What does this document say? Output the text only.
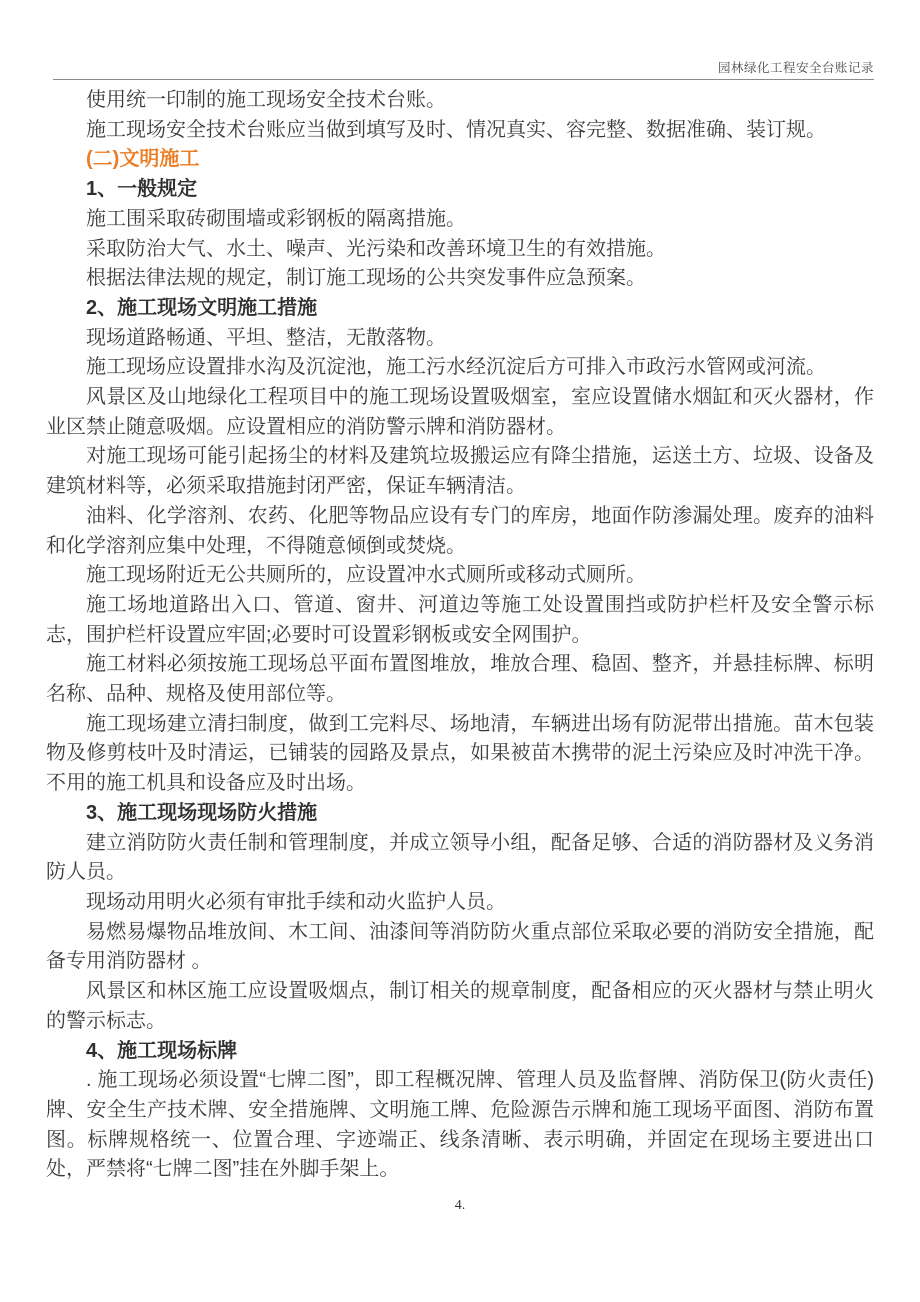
园林绿化工程安全台账记录

使用统一印制的施工现场安全技术台账。

施工现场安全技术台账应当做到填写及时、情况真实、容完整、数据准确、装订规。

(二)文明施工

1、一般规定

施工围采取砖砌围墙或彩钢板的隔离措施。

采取防治大气、水土、噪声、光污染和改善环境卫生的有效措施。

根据法律法规的规定，制订施工现场的公共突发事件应急预案。

2、施工现场文明施工措施

现场道路畅通、平坦、整洁，无散落物。

施工现场应设置排水沟及沉淀池，施工污水经沉淀后方可排入市政污水管网或河流。

风景区及山地绿化工程项目中的施工现场设置吸烟室，室应设置储水烟缸和灭火器材，作业区禁止随意吸烟。应设置相应的消防警示牌和消防器材。

对施工现场可能引起扬尘的材料及建筑垃圾搬运应有降尘措施，运送土方、垃圾、设备及建筑材料等，必须采取措施封闭严密，保证车辆清洁。

油料、化学溶剂、农药、化肥等物品应设有专门的库房，地面作防渗漏处理。废弃的油料和化学溶剂应集中处理，不得随意倾倒或焚烧。

施工现场附近无公共厕所的，应设置冲水式厕所或移动式厕所。

施工场地道路出入口、管道、窗井、河道边等施工处设置围挡或防护栏杆及安全警示标志，围护栏杆设置应牢固;必要时可设置彩钢板或安全网围护。

施工材料必须按施工现场总平面布置图堆放，堆放合理、稳固、整齐，并悬挂标牌、标明名称、品种、规格及使用部位等。

施工现场建立清扫制度，做到工完料尽、场地清，车辆进出场有防泥带出措施。苗木包装物及修剪枝叶及时清运，已铺装的园路及景点，如果被苗木携带的泥土污染应及时冲洗干净。不用的施工机具和设备应及时出场。

3、施工现场现场防火措施

建立消防防火责任制和管理制度，并成立领导小组，配备足够、合适的消防器材及义务消防人员。

现场动用明火必须有审批手续和动火监护人员。

易燃易爆物品堆放间、木工间、油漆间等消防防火重点部位采取必要的消防安全措施，配备专用消防器材 。

风景区和林区施工应设置吸烟点，制订相关的规章制度，配备相应的灭火器材与禁止明火的警示标志。

4、施工现场标牌

. 施工现场必须设置“七牌二图”，即工程概况牌、管理人员及监督牌、消防保卫(防火责任)牌、安全生产技术牌、安全措施牌、文明施工牌、危险源告示牌和施工现场平面图、消防布置图。标牌规格统一、位置合理、字迹端正、线条清晰、表示明确，并固定在现场主要进出口处，严禁将“七牌二图”挂在外脚手架上。

4.
